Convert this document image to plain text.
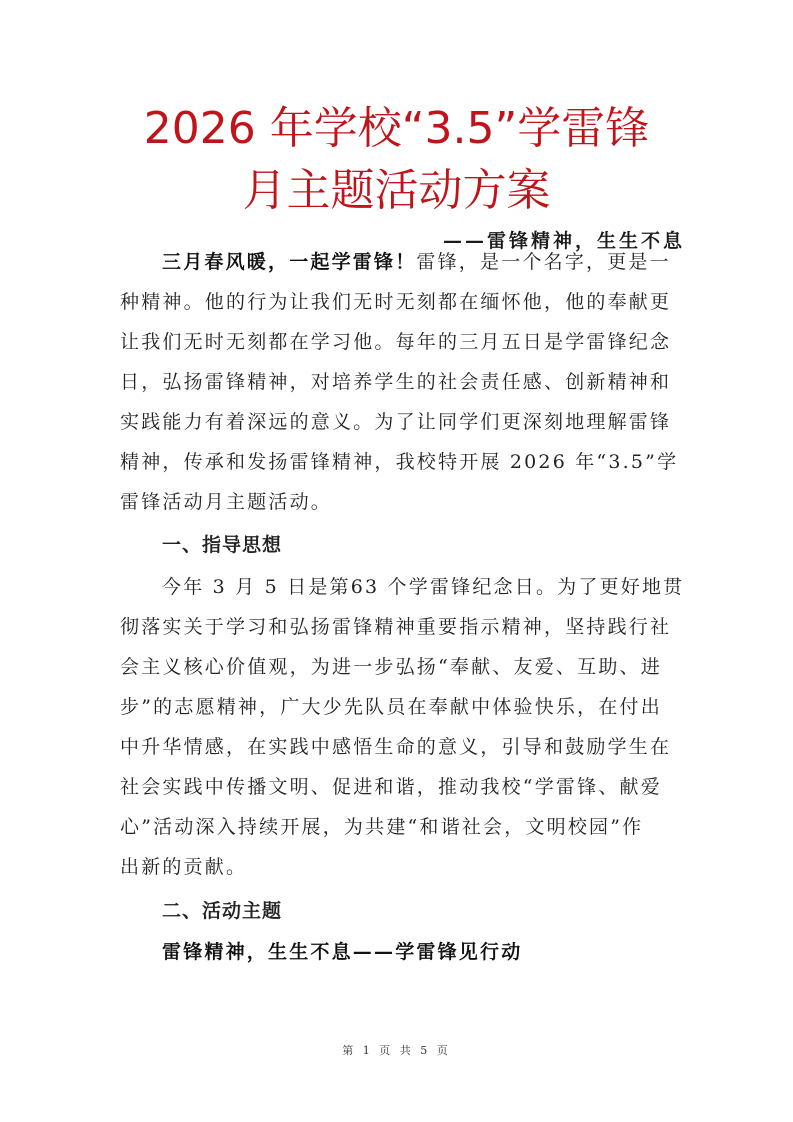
2026 年学校“3.5”学雷锋
月主题活动方案
——雷锋精神，生生不息
三月春风暖，一起学雷锋！雷锋，是一个名字，更是一
种精神。他的行为让我们无时无刻都在缅怀他，他的奉献更
让我们无时无刻都在学习他。每年的三月五日是学雷锋纪念
日，弘扬雷锋精神，对培养学生的社会责任感、创新精神和
实践能力有着深远的意义。为了让同学们更深刻地理解雷锋
精神，传承和发扬雷锋精神，我校特开展 2026 年“3.5”学
雷锋活动月主题活动。
一、指导思想
今年 3 月 5 日是第63 个学雷锋纪念日。为了更好地贯
彻落实关于学习和弘扬雷锋精神重要指示精神，坚持践行社
会主义核心价值观，为进一步弘扬“奉献、友爱、互助、进
步”的志愿精神，广大少先队员在奉献中体验快乐，在付出
中升华情感，在实践中感悟生命的意义，引导和鼓励学生在
社会实践中传播文明、促进和谐，推动我校“学雷锋、献爱
心”活动深入持续开展，为共建“和谐社会，文明校园”作
出新的贡献。
二、活动主题
雷锋精神，生生不息——学雷锋见行动
第 1 页 共 5 页
